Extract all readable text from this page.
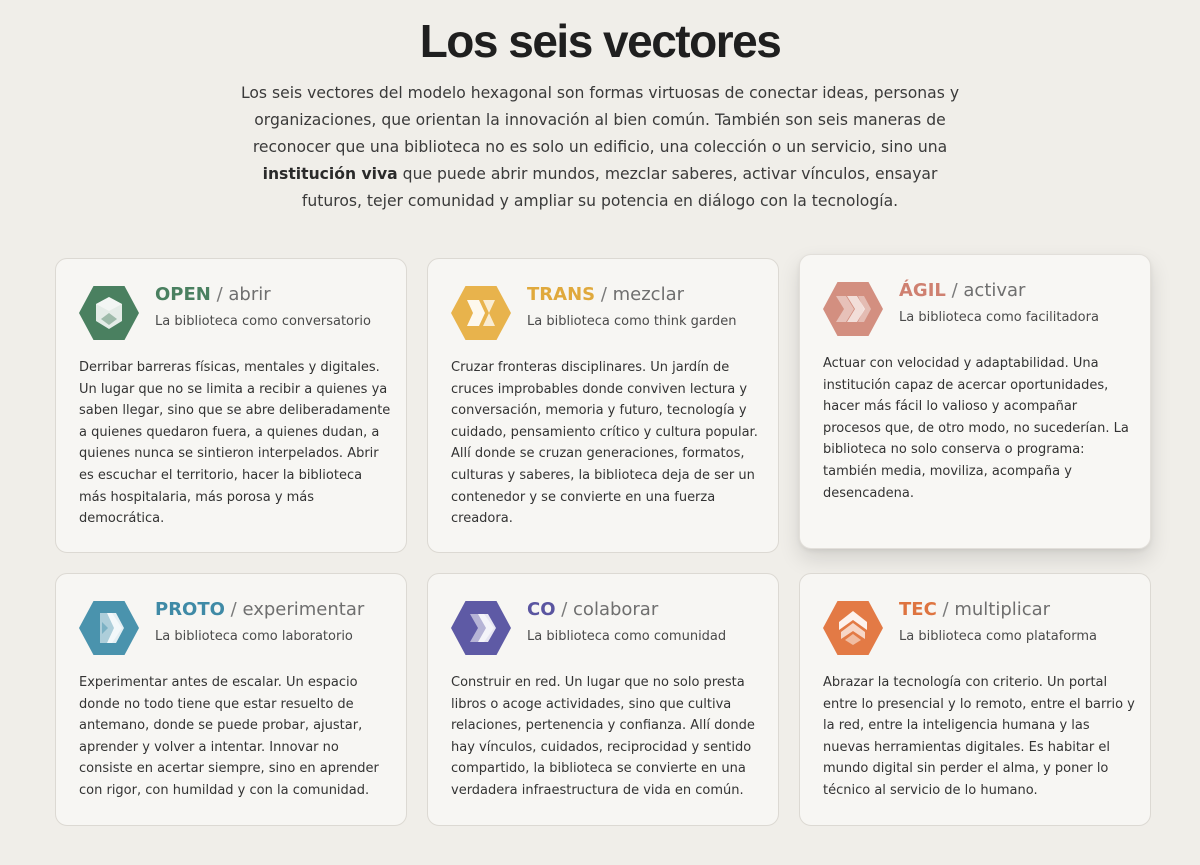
Los seis vectores

Los seis vectores del modelo hexagonal son formas virtuosas de conectar ideas, personas y organizaciones, que orientan la innovación al bien común. También son seis maneras de reconocer que una biblioteca no es solo un edificio, una colección o un servicio, sino una institución viva que puede abrir mundos, mezclar saberes, activar vínculos, ensayar futuros, tejer comunidad y ampliar su potencia en diálogo con la tecnología.

OPEN / abrir
La biblioteca como conversatorio

Derribar barreras físicas, mentales y digitales. Un lugar que no se limita a recibir a quienes ya saben llegar, sino que se abre deliberadamente a quienes quedaron fuera, a quienes dudan, a quienes nunca se sintieron interpelados. Abrir es escuchar el territorio, hacer la biblioteca más hospitalaria, más porosa y más democrática.

TRANS / mezclar
La biblioteca como think garden

Cruzar fronteras disciplinares. Un jardín de cruces improbables donde conviven lectura y conversación, memoria y futuro, tecnología y cuidado, pensamiento crítico y cultura popular. Allí donde se cruzan generaciones, formatos, culturas y saberes, la biblioteca deja de ser un contenedor y se convierte en una fuerza creadora.

ÁGIL / activar
La biblioteca como facilitadora

Actuar con velocidad y adaptabilidad. Una institución capaz de acercar oportunidades, hacer más fácil lo valioso y acompañar procesos que, de otro modo, no sucederían. La biblioteca no solo conserva o programa: también media, moviliza, acompaña y desencadena.

PROTO / experimentar
La biblioteca como laboratorio

Experimentar antes de escalar. Un espacio donde no todo tiene que estar resuelto de antemano, donde se puede probar, ajustar, aprender y volver a intentar. Innovar no consiste en acertar siempre, sino en aprender con rigor, con humildad y con la comunidad.

CO / colaborar
La biblioteca como comunidad

Construir en red. Un lugar que no solo presta libros o acoge actividades, sino que cultiva relaciones, pertenencia y confianza. Allí donde hay vínculos, cuidados, reciprocidad y sentido compartido, la biblioteca se convierte en una verdadera infraestructura de vida en común.

TEC / multiplicar
La biblioteca como plataforma

Abrazar la tecnología con criterio. Un portal entre lo presencial y lo remoto, entre el barrio y la red, entre la inteligencia humana y las nuevas herramientas digitales. Es habitar el mundo digital sin perder el alma, y poner lo técnico al servicio de lo humano.
